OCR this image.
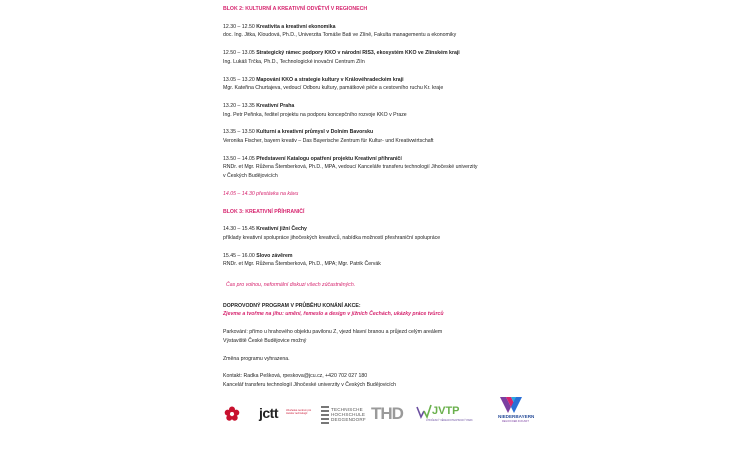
BLOK 2: KULTURNÍ A KREATIVNÍ ODVĚTVÍ V REGIONECH

12.30 – 12.50 Kreativita a kreativní ekonomika

doc. Ing. Jitka, Kloudová, Ph.D., Univerzita Tomáše Bati ve Zlíně, Fakulta managementu a ekonomiky

12.50 – 13.05 Strategický rámec podpory KKO v národní RIS3, ekosystém KKO ve Zlínském kraji

Ing. Lukáš Trčka, Ph.D., Technologické inovační Centrum Zlín

13.05 – 13.20 Mapování KKO a strategie kultury v Královéhradeckém kraji

Mgr. Kateřina Churtajeva, vedoucí Odboru kultury, památkové péče a cestovního ruchu Kr. kraje

13.20 – 13.35 Kreativní Praha

Ing. Petr Peřinka, ředitel projektu na podporu koncepčního rozvoje KKO v Praze

13.35 – 13.50 Kulturní a kreativní průmysl v Dolním Bavorsku

Veronika Fischer, bayern kreativ – Das Bayerische Zentrum für Kultur- und Kreativwirtschaft

13.50 – 14.05 Představení Katalogu opatření projektu Kreativní příhraničí

RNDr. et Mgr. Růžena Štemberková, Ph.D., MPA, vedoucí Kanceláře transferu technologií Jihočeské univerzity

v Českých Budějovicích

14.05 – 14.30 přestávka na kávu

BLOK 3: KREATIVNÍ PŘÍHRANIČÍ

14.30 – 15.45 Kreativní jižní Čechy

příklady kreativní spolupráce jihočeských kreativců, nabídka možností přeshraniční spolupráce

15.45 – 16.00 Slovo závěrem

RNDr. et Mgr. Růžena Štemberková, Ph.D., MPA; Mgr. Patrik Červák

Čas pro volnou, neformální diskuzi všech zúčastněných.

DOPROVODNÝ PROGRAM V PRŮBĚHU KONÁNÍ AKCE:

Zjevme a tvořme na jihu: umění, řemeslo a design v jižních Čechách, ukázky práce tvůrců

Parkování: přímo u hrahového objektu pavilonu Z, vjezd hlavní branou a průjezd celým areálem

Výstaviště České Budějovice možný

Změna programu vyhrazena.

Kontakt: Radka Pešková, rpeskova@jcu.cz, +420 702 027 180

Kancelář transferu technologií Jihočeské univerzity v Českých Budějovicích

jctt	Jihočeské centrum pro transfer technologií
TECHNISCHE HOCHSCHULE DEGGENDORF THD	JVTP
JIHOČESKÝ VĚDECKOTECHNICKÝ PARK
NIEDERBAYERN
REGION DER ZUKUNFT
